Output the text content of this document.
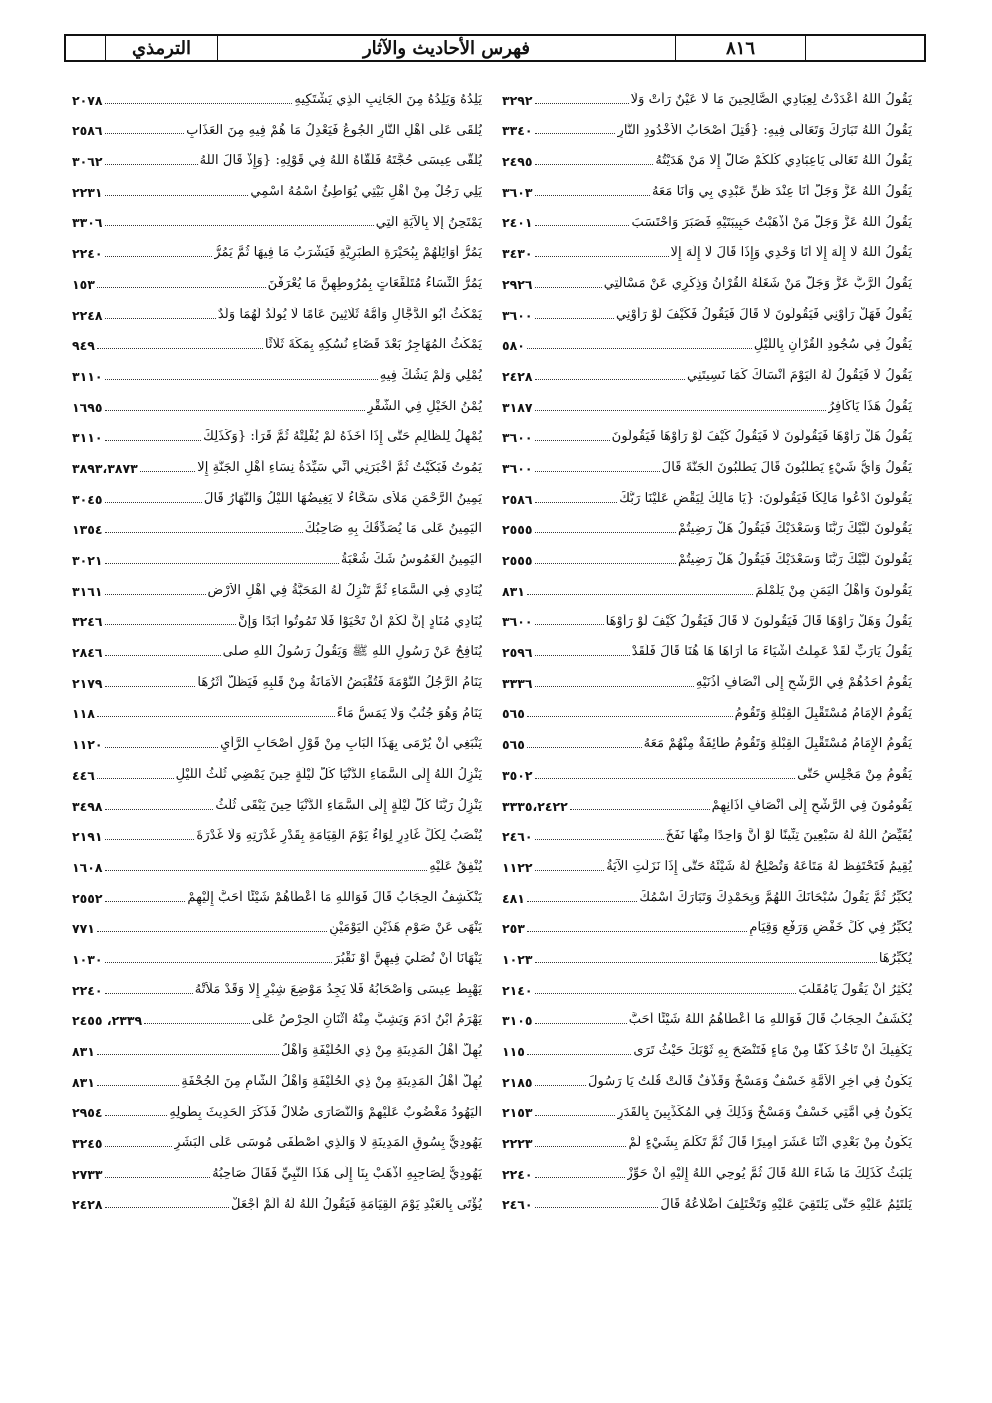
الترمذي	فهرس الأحاديث والآثار	٨١٦
يَقُولُ اللَّهُ أَعْدَدْتُ لِعِبَادِي الصَّالِحِينَ مَا لَا عَيْنٌ رَأَتْ وَلَا
٣٢٩٢
يَقُولُ اللَّهُ تَبَارَكَ وَتَعَالَى فِيهِ: {قُتِلَ أَصْحَابُ الْأُخْدُودِ النَّارِ
٣٣٤٠
يَقُولُ اللَّهُ تَعَالَى يَاعِبَادِي كُلُّكُمْ ضَالٌّ إِلَّا مَنْ هَدَيْتُهُ
٢٤٩٥
يَقُولُ اللَّهُ عَزَّ وَجَلَّ أَنَا عِنْدَ ظَنِّ عَبْدِي بِي وَأَنَا مَعَهُ
٣٦٠٣
يَقُولُ اللَّهُ عَزَّ وَجَلَّ مَنْ أَذْهَبْتُ حَبِيبَتَيْهِ فَصَبَرَ وَاحْتَسَبَ
٢٤٠١
يَقُولُ اللَّهُ لَا إِلَهَ إِلَّا أَنَا وَحْدِي وَإِذَا قَالَ لَا إِلَهَ إِلَّا
٣٤٣٠
يَقُولُ الرَّبُّ عَزَّ وَجَلَّ مَنْ شَغَلَهُ الْقُرْآنُ وَذِكْرِي عَنْ مَسْأَلَتِي
٢٩٢٦
يَقُولُ فَهَلْ رَأَوْنِي فَيَقُولُونَ لَا قَالَ فَيَقُولُ فَكَيْفَ لَوْ رَأَوْنِي
٣٦٠٠
يَقُولُ فِي سُجُودِ الْقُرْآنِ بِاللَّيْلِ
٥٨٠
يَقُولُ لَا فَيَقُولُ لَهُ الْيَوْمَ أَنْسَاكَ كَمَا نَسِيتَنِي
٢٤٢٨
يَقُولُ هَذَا يَاكَافِرُ
٣١٨٧
يَقُولُ هَلْ رَأَوْهَا فَيَقُولُونَ لَا فَيَقُولُ كَيْفَ لَوْ رَأَوْهَا فَيَقُولُونَ
٣٦٠٠
يَقُولُ وَأَيُّ شَيْءٍ يَطْلُبُونَ قَالَ يَطْلُبُونَ الْجَنَّةَ قَالَ
٣٦٠٠
يَقُولُونَ ادْعُوا مَالِكًا فَيَقُولُونَ: {يَا مَالِكُ لِيَقْضِ عَلَيْنَا رَبُّكَ
٢٥٨٦
يَقُولُونَ لَبَّيْكَ رَبَّنَا وَسَعْدَيْكَ فَيَقُولُ هَلْ رَضِيتُمْ
٢٥٥٥
يَقُولُونَ لَبَّيْكَ رَبَّنَا وَسَعْدَيْكَ فَيَقُولُ هَلْ رَضِيتُمْ
٢٥٥٥
يَقُولُونَ وَأَهْلُ الْيَمَنِ مِنْ يَلَمْلَمَ
٨٣١
يَقُولُ وَهَلْ رَأَوْهَا قَالَ فَيَقُولُونَ لَا قَالَ فَيَقُولُ كَيْفَ لَوْ رَأَوْهَا
٣٦٠٠
يَقُولُ يَارَبِّ لَقَدْ عَمِلْتُ أَشْيَاءَ مَا أَرَاهَا هَا هُنَا قَالَ فَلَقَدْ
٢٥٩٦
يَقُومُ أَحَدُهُمْ فِي الرَّشْحِ إِلَى أَنْصَافِ أُذُنَيْهِ
٣٣٣٦
يَقُومُ الْإِمَامُ مُسْتَقْبِلَ الْقِبْلَةِ وَتَقُومُ
٥٦٥
يَقُومُ الْإِمَامُ مُسْتَقْبِلَ الْقِبْلَةِ وَتَقُومُ طَائِفَةٌ مِنْهُمْ مَعَهُ
٥٦٥
يَقُومُ مِنْ مَجْلِسٍ حَتَّى
٣٥٠٢
يَقُومُونَ فِي الرَّشْحِ إِلَى أَنْصَافِ آذَانِهِمْ
٣٣٣٥،٢٤٢٢
يُقَيِّضُ اللَّهُ لَهُ سَبْعِينَ تِنِّينًا لَوْ أَنَّ وَاحِدًا مِنْهَا نَفَخَ
٢٤٦٠
يُقِيمُ فَتَحْتَفِظُ لَهُ مَتَاعَهُ وَتُصْلِحُ لَهُ شَيْئَهُ حَتَّى إِذَا نَزَلَتِ الْآيَةُ
١١٢٢
يُكَبِّرُ ثُمَّ يَقُولُ سُبْحَانَكَ اللَّهُمَّ وَبِحَمْدِكَ وَتَبَارَكَ اسْمُكَ
٤٨١
يُكَبِّرُ فِي كُلِّ خَفْضٍ وَرَفْعٍ وَقِيَامٍ
٢٥٣
يُكَبِّرُهَا
١٠٢٣
يُكْثِرُ أَنْ يَقُولَ يَامُقَلِّبَ
٢١٤٠
يُكْشَفُ الْحِجَابُ قَالَ فَوَاللَّهِ مَا أَعْطَاهُمُ اللَّهُ شَيْئًا أَحَبَّ
٣١٠٥
يَكْفِيكَ أَنْ تَأْخُذَ كَفًّا مِنْ مَاءٍ فَتَنْضَحَ بِهِ ثَوْبَكَ حَيْثُ تَرَى
١١٥
يَكُونُ فِي آخِرِ الْأُمَّةِ خَسْفٌ وَمَسْخٌ وَقَذْفٌ قَالَتْ قُلْتُ يَا رَسُولَ
٢١٨٥
يَكُونُ فِي أُمَّتِي خَسْفٌ وَمَسْخٌ وَذَلِكَ فِي الْمُكَذِّبِينَ بِالْقَدَرِ
٢١٥٣
يَكُونُ مِنْ بَعْدِي اثْنَا عَشَرَ أَمِيرًا قَالَ ثُمَّ تَكَلَّمَ بِشَيْءٍ لَمْ
٢٢٢٣
يَلْبَثُ كَذَلِكَ مَا شَاءَ اللَّهُ قَالَ ثُمَّ يُوحِي اللَّهُ إِلَيْهِ أَنْ حَوِّزْ
٢٢٤٠
يَلْتَئِمُ عَلَيْهِ حَتَّى يَلْتَقِيَ عَلَيْهِ وَتَخْتَلِفَ أَضْلَاعُهُ قَالَ
٢٤٦٠
يَلِدُهُ وَيَلِدُهُ مِنَ الْجَانِبِ الَّذِي يَشْتَكِيهِ
٢٠٧٨
يُلْقَى عَلَى أَهْلِ النَّارِ الْجُوعُ فَيَعْدِلُ مَا هُمْ فِيهِ مِنَ الْعَذَابِ
٢٥٨٦
يُلَقَّى عِيسَى حُجَّتَهُ فَلَقَّاهُ اللَّهُ فِي قَوْلِهِ: {وَإِذْ قَالَ اللَّهُ
٣٠٦٢
يَلِي رَجُلٌ مِنْ أَهْلِ بَيْتِي يُوَاطِئُ اسْمُهُ اسْمِي
٢٢٣١
يَمْتَحِنُ إِلَّا بِالْآيَةِ الَّتِي
٣٣٠٦
يَمُرُّ أَوَائِلُهُمْ بِبُحَيْرَةِ الطَّبَرِيَّةِ فَيَشْرَبُ مَا فِيهَا ثُمَّ يَمُرُّ
٢٢٤٠
يَمُرُّ النِّسَاءُ مُتَلَفِّعَاتٍ بِمُرُوطِهِنَّ مَا يُعْرَفْنَ
١٥٣
يَمْكُثُ أَبُو الدَّجَّالِ وَأُمُّهُ ثَلَاثِينَ عَامًا لَا يُولَدُ لَهُمَا وَلَدٌ
٢٢٤٨
يَمْكُثُ الْمُهَاجِرُ بَعْدَ قَضَاءِ نُسُكِهِ بِمَكَّةَ ثَلَاثًا
٩٤٩
يُمْلِي وَلَمْ يَشُكَّ فِيهِ
٣١١٠
يُمْنُ الْخَيْلِ فِي الشُّقْرِ
١٦٩٥
يُمْهِلُ لِلظَّالِمِ حَتَّى إِذَا أَخَذَهُ لَمْ يُفْلِتْهُ ثُمَّ قَرَأَ: {وَكَذَلِكَ
٣١١٠
يَمُوتُ فَبَكَيْتُ ثُمَّ أَخْبَرَنِي أَنِّي سَيِّدَةُ نِسَاءِ أَهْلِ الْجَنَّةِ إِلَّا
٣٨٩٣،٣٨٧٣
يَمِينُ الرَّحْمَنِ مَلْأَى سَحَّاءُ لَا يَغِيضُهَا اللَّيْلُ وَالنَّهَارُ قَالَ
٣٠٤٥
الْيَمِينُ عَلَى مَا يُصَدِّقُكَ بِهِ صَاحِبُكَ
١٣٥٤
الْيَمِينُ الْغَمُوسُ شَكَّ شُعْبَةُ
٣٠٢١
يُنَادِي فِي السَّمَاءِ ثُمَّ تَنْزِلُ لَهُ الْمَحَبَّةُ فِي أَهْلِ الْأَرْضِ
٣١٦١
يُنَادِي مُنَادٍ إِنَّ لَكُمْ أَنْ تَحْيَوْا فَلَا تَمُوتُوا أَبَدًا وَإِنَّ
٣٢٤٦
يُنَافِحُ عَنْ رَسُولِ اللَّهِ ﷺ وَيَقُولُ رَسُولُ اللَّهِ صلى
٢٨٤٦
يَنَامُ الرَّجُلُ النَّوْمَةَ فَتُقْبَضُ الْأَمَانَةُ مِنْ قَلْبِهِ فَيَظَلُّ أَثَرُهَا
٢١٧٩
يَنَامُ وَهُوَ جُنُبٌ وَلَا يَمَسُّ مَاءً
١١٨
يَنْبَغِي أَنْ يُرْمَى بِهَذَا الْبَابِ مِنْ قَوْلِ أَصْحَابِ الرَّأْيِ
١١٢٠
يَنْزِلُ اللَّهُ إِلَى السَّمَاءِ الدُّنْيَا كُلَّ لَيْلَةٍ حِينَ يَمْضِي ثُلُثُ اللَّيْلِ
٤٤٦
يَنْزِلُ رَبُّنَا كُلَّ لَيْلَةٍ إِلَى السَّمَاءِ الدُّنْيَا حِينَ يَبْقَى ثُلُثُ
٣٤٩٨
يُنْصَبُ لِكُلِّ غَادِرٍ لِوَاءٌ يَوْمَ الْقِيَامَةِ بِقَدْرِ غَدْرَتِهِ وَلَا غَدْرَةَ
٢١٩١
يُنْفِقُ عَلَيْهِ
١٦٠٨
يَنْكَشِفُ الْحِجَابُ قَالَ فَوَاللَّهِ مَا أَعْطَاهُمْ شَيْئًا أَحَبَّ إِلَيْهِمْ
٢٥٥٢
يَنْهَى عَنْ صَوْمِ هَذَيْنِ الْيَوْمَيْنِ
٧٧١
يَنْهَانَا أَنْ نُصَلِّيَ فِيهِنَّ أَوْ نَقْبُرَ
١٠٣٠
يَهْبِطُ عِيسَى وَأَصْحَابُهُ فَلَا يَجِدُ مَوْضِعَ شِبْرٍ إِلَّا وَقَدْ مَلَأَتْهُ
٢٢٤٠
يَهْرَمُ ابْنُ آدَمَ وَيَشِبُّ مِنْهُ اثْنَانِ الْحِرْصُ عَلَى
٢٣٣٩، ٢٤٥٥
يُهِلُّ أَهْلُ الْمَدِينَةِ مِنْ ذِي الْحُلَيْفَةِ وَأَهْلُ
٨٣١
يُهِلُّ أَهْلُ الْمَدِينَةِ مِنْ ذِي الْحُلَيْفَةِ وَأَهْلُ الشَّامِ مِنَ الْجُحْفَةِ
٨٣١
الْيَهُودُ مَغْضُوبٌ عَلَيْهِمْ وَالنَّصَارَى ضُلَّالٌ فَذَكَرَ الْحَدِيثَ بِطُولِهِ
٢٩٥٤
يَهُودِيٌّ بِسُوقِ الْمَدِينَةِ لَا وَالَّذِي اصْطَفَى مُوسَى عَلَى الْبَشَرِ
٣٢٤٥
يَهُودِيٌّ لِصَاحِبِهِ اذْهَبْ بِنَا إِلَى هَذَا النَّبِيِّ فَقَالَ صَاحِبُهُ
٢٧٣٣
يُؤْتَى بِالْعَبْدِ يَوْمَ الْقِيَامَةِ فَيَقُولُ اللَّهُ لَهُ أَلَمْ أَجْعَلْ
٢٤٢٨
